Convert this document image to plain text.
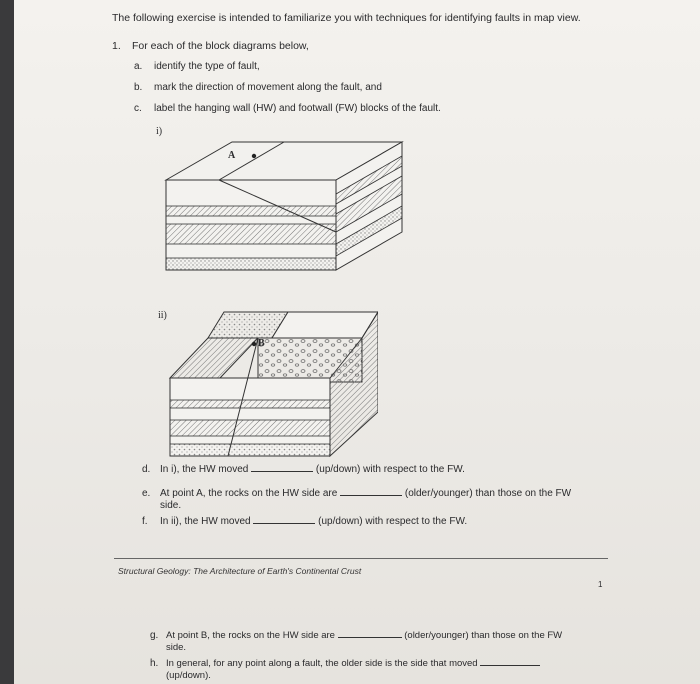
The following exercise is intended to familiarize you with techniques for identifying faults in map view.
1. For each of the block diagrams below,
a. identify the type of fault,
b. mark the direction of movement along the fault, and
c. label the hanging wall (HW) and footwall (FW) blocks of the fault.
i)
A
ii)
B
d. In i), the HW moved	(up/down) with respect to the FW.
e. At point A, the rocks on the HW side are	(older/younger) than those on the FW
side.
f. In ii), the HW moved	(up/down) with respect to the FW.
Structural Geology: The Architecture of Earth's Continental Crust
1
g. At point B, the rocks on the HW side are	(older/younger) than those on the FW
side.
h. In general, for any point along a fault, the older side is the side that moved
(up/down).
